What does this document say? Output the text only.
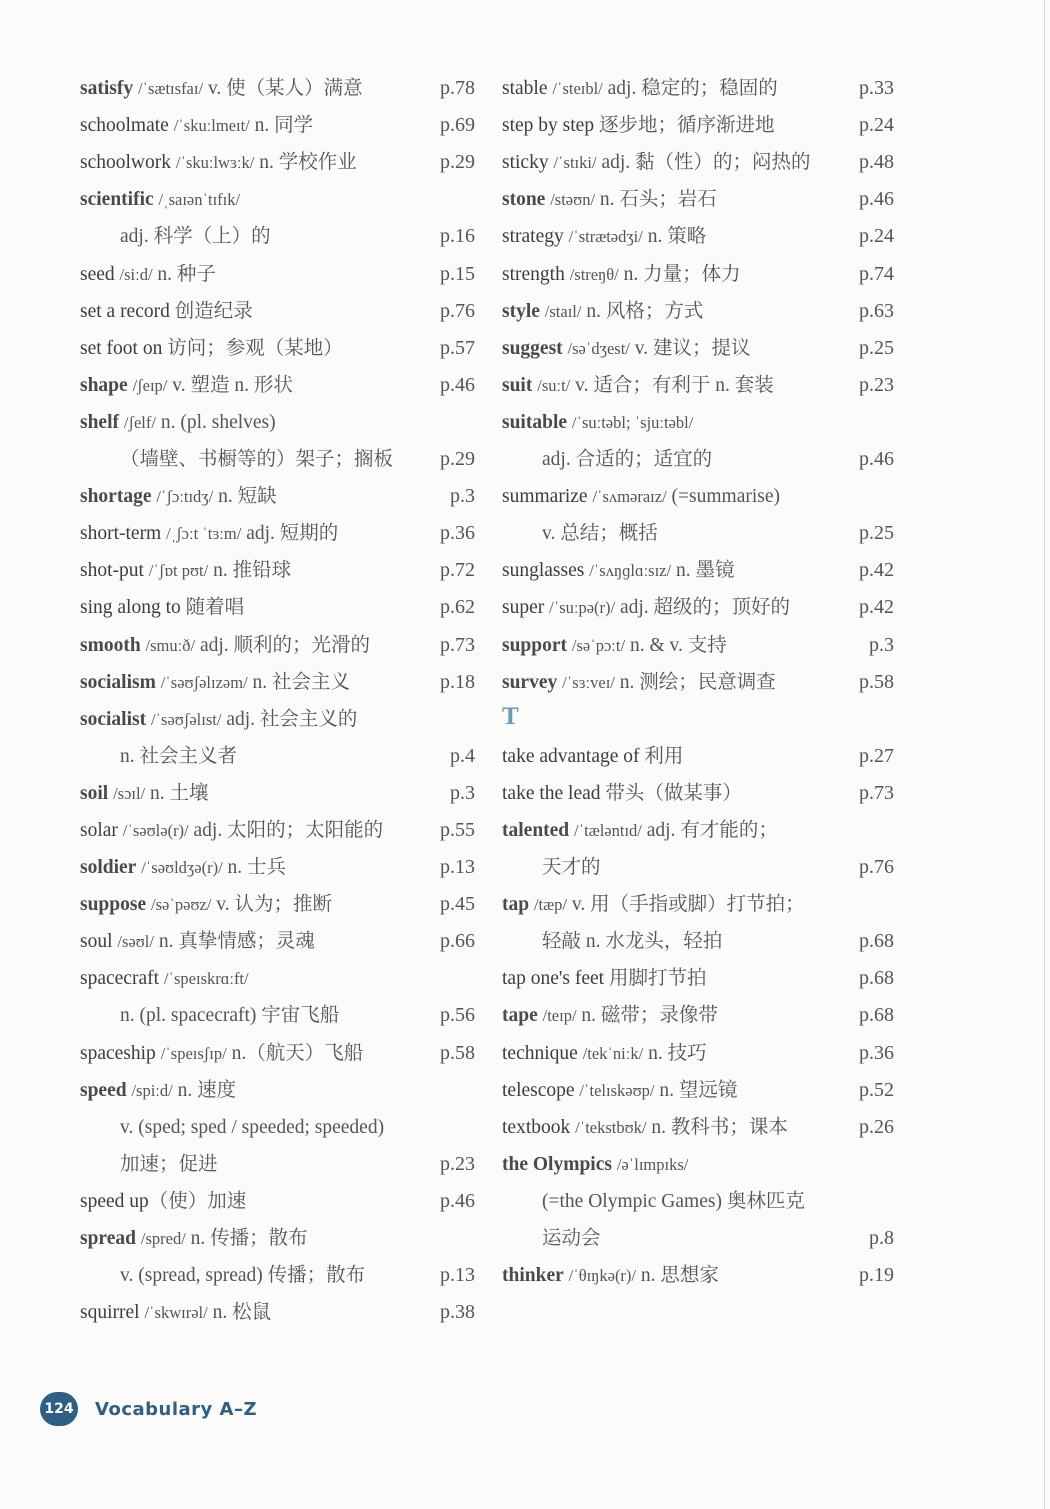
satisfy /ˈsætɪsfaɪ/ v. 使（某人）满意	p.78
schoolmate /ˈskuːlmeɪt/ n. 同学	p.69
schoolwork /ˈskuːlwɜːk/ n. 学校作业	p.29
scientific /ˌsaɪənˈtɪfɪk/
adj. 科学（上）的	p.16
seed /siːd/ n. 种子	p.15
set a record 创造纪录	p.76
set foot on 访问；参观（某地）	p.57
shape /ʃeɪp/ v. 塑造 n. 形状	p.46
shelf /ʃelf/ n. (pl. shelves)
（墙壁、书橱等的）架子；搁板	p.29
shortage /ˈʃɔːtɪdʒ/ n. 短缺	p.3
short-term /ˌʃɔːt ˈtɜːm/ adj. 短期的	p.36
shot-put /ˈʃɒt pʊt/ n. 推铅球	p.72
sing along to 随着唱	p.62
smooth /smuːð/ adj. 顺利的；光滑的	p.73
socialism /ˈsəʊʃəlɪzəm/ n. 社会主义	p.18
socialist /ˈsəʊʃəlɪst/ adj. 社会主义的
n. 社会主义者	p.4
soil /sɔɪl/ n. 土壤	p.3
solar /ˈsəʊlə(r)/ adj. 太阳的；太阳能的	p.55
soldier /ˈsəʊldʒə(r)/ n. 士兵	p.13
suppose /səˈpəʊz/ v. 认为；推断	p.45
soul /səʊl/ n. 真挚情感；灵魂	p.66
spacecraft /ˈspeɪskrɑːft/
n. (pl. spacecraft) 宇宙飞船	p.56
spaceship /ˈspeɪsʃɪp/ n.（航天）飞船	p.58
speed /spiːd/ n. 速度
v. (sped; sped / speeded; speeded)
加速；促进	p.23
speed up（使）加速	p.46
spread /spred/ n. 传播；散布
v. (spread, spread) 传播；散布	p.13
squirrel /ˈskwɪrəl/ n. 松鼠	p.38
stable /ˈsteɪbl/ adj. 稳定的；稳固的	p.33
step by step 逐步地；循序渐进地	p.24
sticky /ˈstɪki/ adj. 黏（性）的；闷热的	p.48
stone /stəʊn/ n. 石头；岩石	p.46
strategy /ˈstrætədʒi/ n. 策略	p.24
strength /streŋθ/ n. 力量；体力	p.74
style /staɪl/ n. 风格；方式	p.63
suggest /səˈdʒest/ v. 建议；提议	p.25
suit /suːt/ v. 适合；有利于 n. 套装	p.23
suitable /ˈsuːtəbl; ˈsjuːtəbl/
adj. 合适的；适宜的	p.46
summarize /ˈsʌməraɪz/ (=summarise)
v. 总结；概括	p.25
sunglasses /ˈsʌŋɡlɑːsɪz/ n. 墨镜	p.42
super /ˈsuːpə(r)/ adj. 超级的；顶好的	p.42
support /səˈpɔːt/ n. & v. 支持	p.3
survey /ˈsɜːveɪ/ n. 测绘；民意调查	p.58
T
take advantage of 利用	p.27
take the lead 带头（做某事）	p.73
talented /ˈtæləntɪd/ adj. 有才能的；
天才的	p.76
tap /tæp/ v. 用（手指或脚）打节拍；
轻敲 n. 水龙头，轻拍	p.68
tap one's feet 用脚打节拍	p.68
tape /teɪp/ n. 磁带；录像带	p.68
technique /tekˈniːk/ n. 技巧	p.36
telescope /ˈtelɪskəʊp/ n. 望远镜	p.52
textbook /ˈtekstbʊk/ n. 教科书；课本	p.26
the Olympics /əˈlɪmpɪks/
(=the Olympic Games) 奥林匹克
运动会	p.8
thinker /ˈθɪŋkə(r)/ n. 思想家	p.19
124 Vocabulary A–Z
